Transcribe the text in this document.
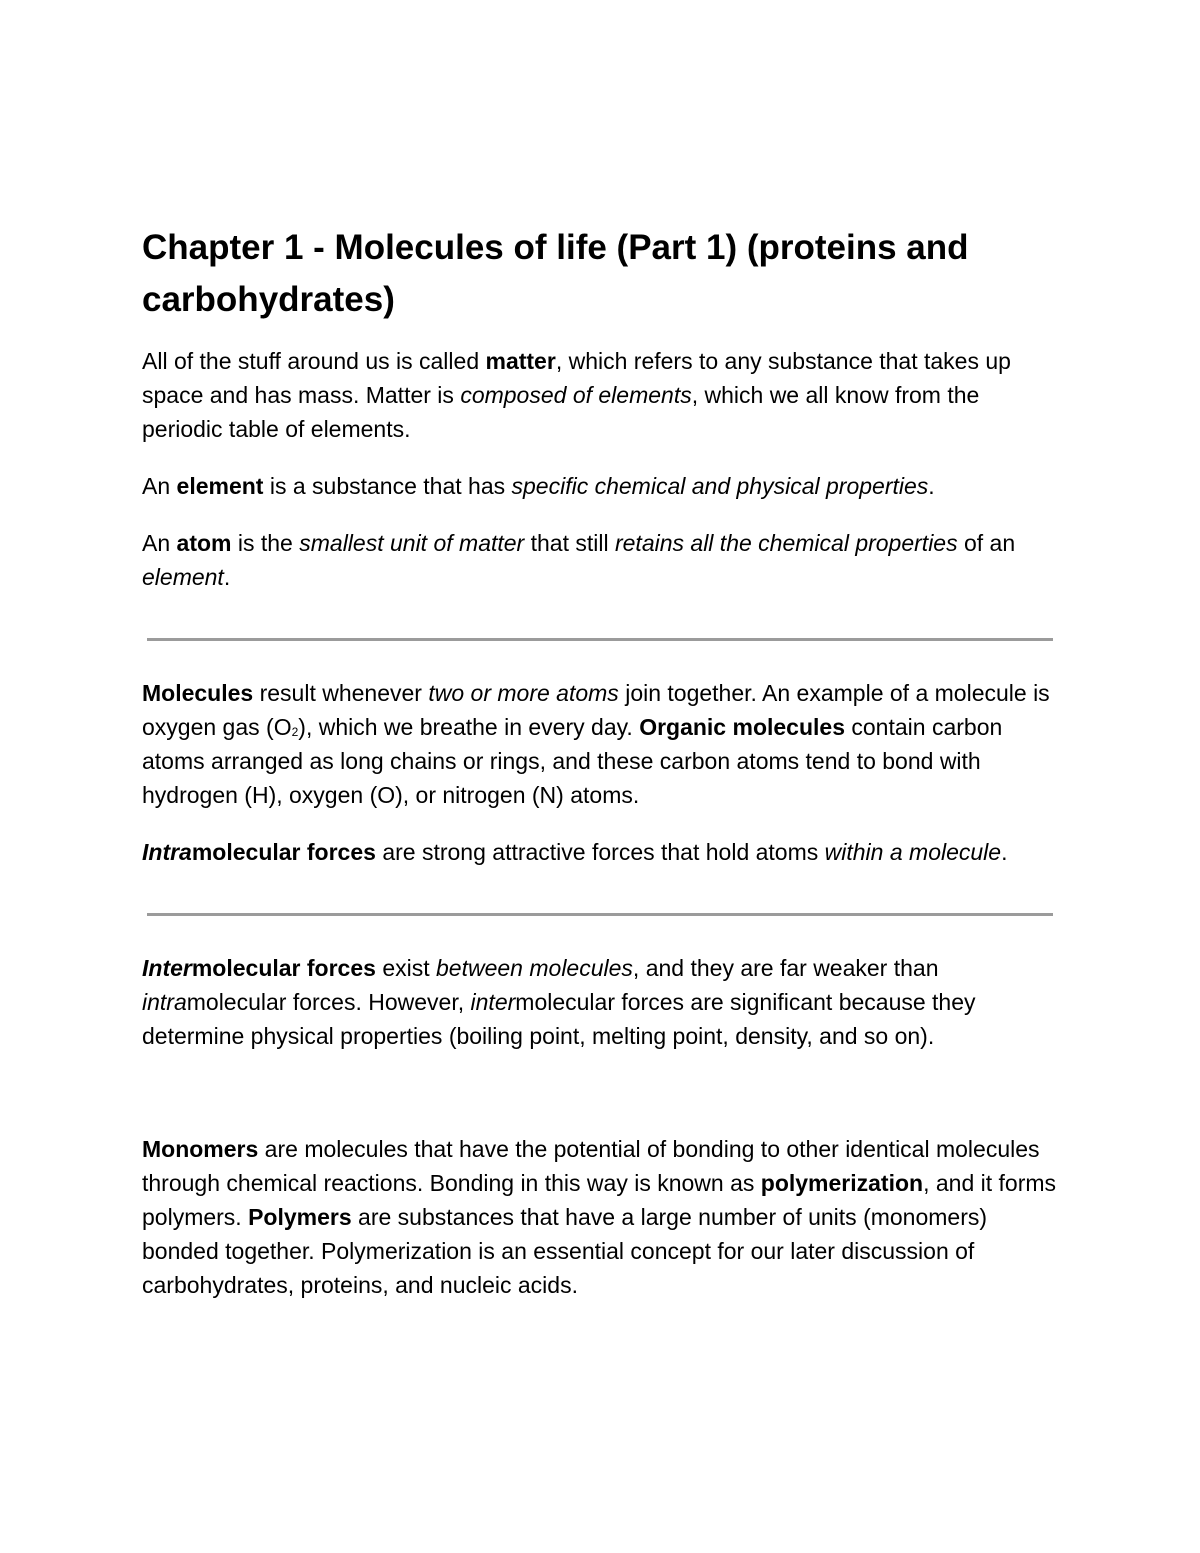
Chapter 1 - Molecules of life (Part 1) (proteins and carbohydrates)

All of the stuff around us is called matter, which refers to any substance that takes up space and has mass. Matter is composed of elements, which we all know from the periodic table of elements.

An element is a substance that has specific chemical and physical properties.

An atom is the smallest unit of matter that still retains all the chemical properties of an element.

Molecules result whenever two or more atoms join together. An example of a molecule is oxygen gas $(O_2)$, which we breathe in every day. Organic molecules contain carbon atoms arranged as long chains or rings, and these carbon atoms tend to bond with hydrogen (H), oxygen (O), or nitrogen (N) atoms.

Intramolecular forces are strong attractive forces that hold atoms within a molecule.

Intermolecular forces exist between molecules, and they are far weaker than intramolecular forces. However, intermolecular forces are significant because they determine physical properties (boiling point, melting point, density, and so on).

Monomers are molecules that have the potential of bonding to other identical molecules through chemical reactions. Bonding in this way is known as polymerization, and it forms polymers. Polymers are substances that have a large number of units (monomers) bonded together. Polymerization is an essential concept for our later discussion of carbohydrates, proteins, and nucleic acids.
